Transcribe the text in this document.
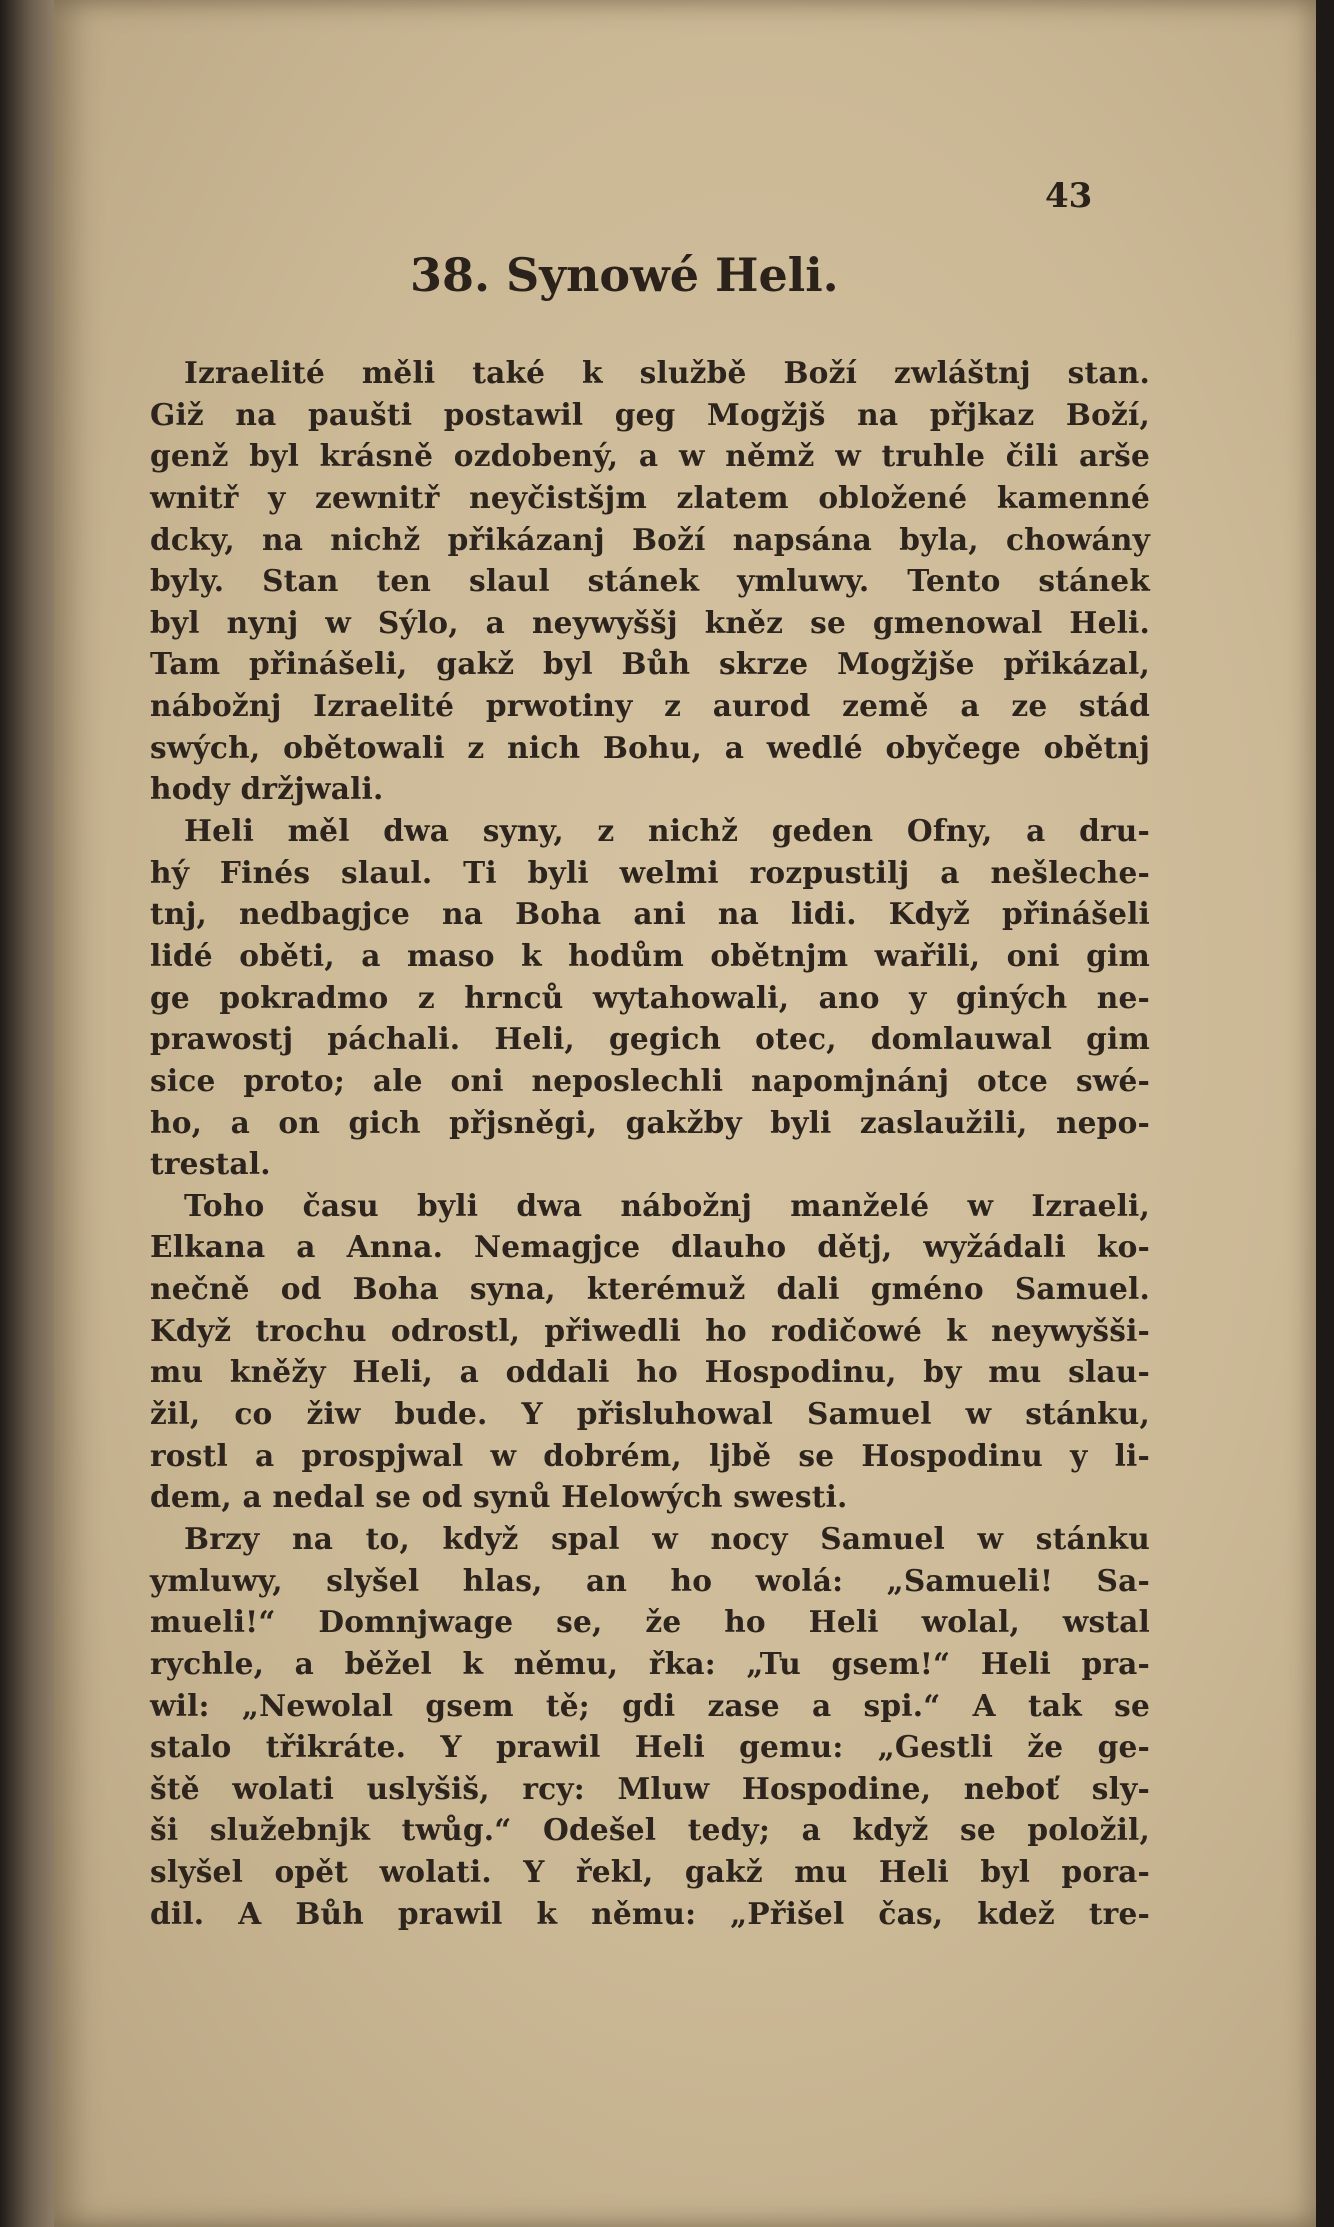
43
38. Synowé Heli.
Izraelité měli také k službě Boží zwláštnj stan.
Giž na paušti postawil geg Mogžjš na přjkaz Boží,
genž byl krásně ozdobený, a w němž w truhle čili arše
wnitř y zewnitř neyčistšjm zlatem obložené kamenné
dcky, na nichž přikázanj Boží napsána byla, chowány
byly. Stan ten slaul stánek ymluwy. Tento stánek
byl nynj w Sýlo, a neywyššj kněz se gmenowal Heli.
Tam přinášeli, gakž byl Bůh skrze Mogžjše přikázal,
nábožnj Izraelité prwotiny z aurod země a ze stád
swých, obětowali z nich Bohu, a wedlé obyčege obětnj
hody držjwali.
Heli měl dwa syny, z nichž geden Ofny, a dru-
hý Finés slaul. Ti byli welmi rozpustilj a nešleche-
tnj, nedbagjce na Boha ani na lidi. Když přinášeli
lidé oběti, a maso k hodům obětnjm wařili, oni gim
ge pokradmo z hrnců wytahowali, ano y giných ne-
prawostj páchali. Heli, gegich otec, domlauwal gim
sice proto; ale oni neposlechli napomjnánj otce swé-
ho, a on gich přjsněgi, gakžby byli zaslaužili, nepo-
trestal.
Toho času byli dwa nábožnj manželé w Izraeli,
Elkana a Anna. Nemagjce dlauho dětj, wyžádali ko-
nečně od Boha syna, kterémuž dali gméno Samuel.
Když trochu odrostl, přiwedli ho rodičowé k neywyšši-
mu kněžy Heli, a oddali ho Hospodinu, by mu slau-
žil, co žiw bude. Y přisluhowal Samuel w stánku,
rostl a prospjwal w dobrém, ljbě se Hospodinu y li-
dem, a nedal se od synů Helowých swesti.
Brzy na to, když spal w nocy Samuel w stánku
ymluwy, slyšel hlas, an ho wolá: „Samueli! Sa-
mueli!“ Domnjwage se, že ho Heli wolal, wstal
rychle, a běžel k němu, řka: „Tu gsem!“ Heli pra-
wil: „Newolal gsem tě; gdi zase a spi.“ A tak se
stalo třikráte. Y prawil Heli gemu: „Gestli že ge-
ště wolati uslyšiš, rcy: Mluw Hospodine, neboť sly-
ši služebnjk twůg.“ Odešel tedy; a když se položil,
slyšel opět wolati. Y řekl, gakž mu Heli byl pora-
dil. A Bůh prawil k němu: „Přišel čas, kdež tre-
